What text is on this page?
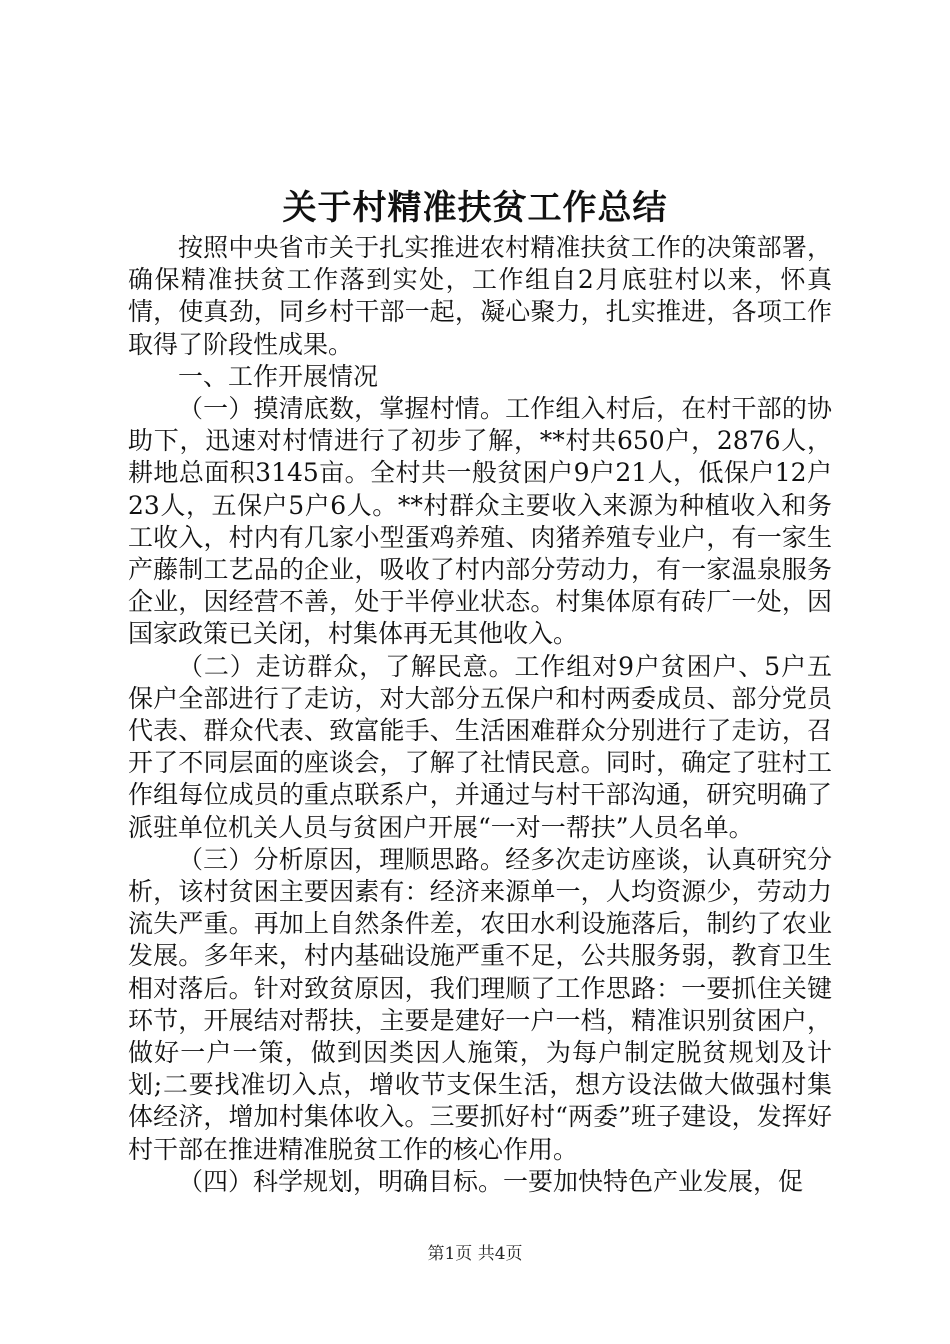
关于村精准扶贫工作总结

按照中央省市关于扎实推进农村精准扶贫工作的决策部署，确保精准扶贫工作落到实处，工作组自2月底驻村以来，怀真情，使真劲，同乡村干部一起，凝心聚力，扎实推进，各项工作取得了阶段性成果。

一、工作开展情况

（一）摸清底数，掌握村情。工作组入村后，在村干部的协助下，迅速对村情进行了初步了解，**村共650户，2876人，耕地总面积3145亩。全村共一般贫困户9户21人，低保户12户23人，五保户5户6人。**村群众主要收入来源为种植收入和务工收入，村内有几家小型蛋鸡养殖、肉猪养殖专业户，有一家生产藤制工艺品的企业，吸收了村内部分劳动力，有一家温泉服务企业，因经营不善，处于半停业状态。村集体原有砖厂一处，因国家政策已关闭，村集体再无其他收入。

（二）走访群众，了解民意。工作组对9户贫困户、5户五保户全部进行了走访，对大部分五保户和村两委成员、部分党员代表、群众代表、致富能手、生活困难群众分别进行了走访，召开了不同层面的座谈会，了解了社情民意。同时，确定了驻村工作组每位成员的重点联系户，并通过与村干部沟通，研究明确了派驻单位机关人员与贫困户开展“一对一帮扶”人员名单。

（三）分析原因，理顺思路。经多次走访座谈，认真研究分析，该村贫困主要因素有：经济来源单一，人均资源少，劳动力流失严重。再加上自然条件差，农田水利设施落后，制约了农业发展。多年来，村内基础设施严重不足，公共服务弱，教育卫生相对落后。针对致贫原因，我们理顺了工作思路：一要抓住关键环节，开展结对帮扶，主要是建好一户一档，精准识别贫困户，做好一户一策，做到因类因人施策，为每户制定脱贫规划及计划;二要找准切入点，增收节支保生活，想方设法做大做强村集体经济，增加村集体收入。三要抓好村“两委”班子建设，发挥好村干部在推进精准脱贫工作的核心作用。

（四）科学规划，明确目标。一要加快特色产业发展，促

第1页 共4页
